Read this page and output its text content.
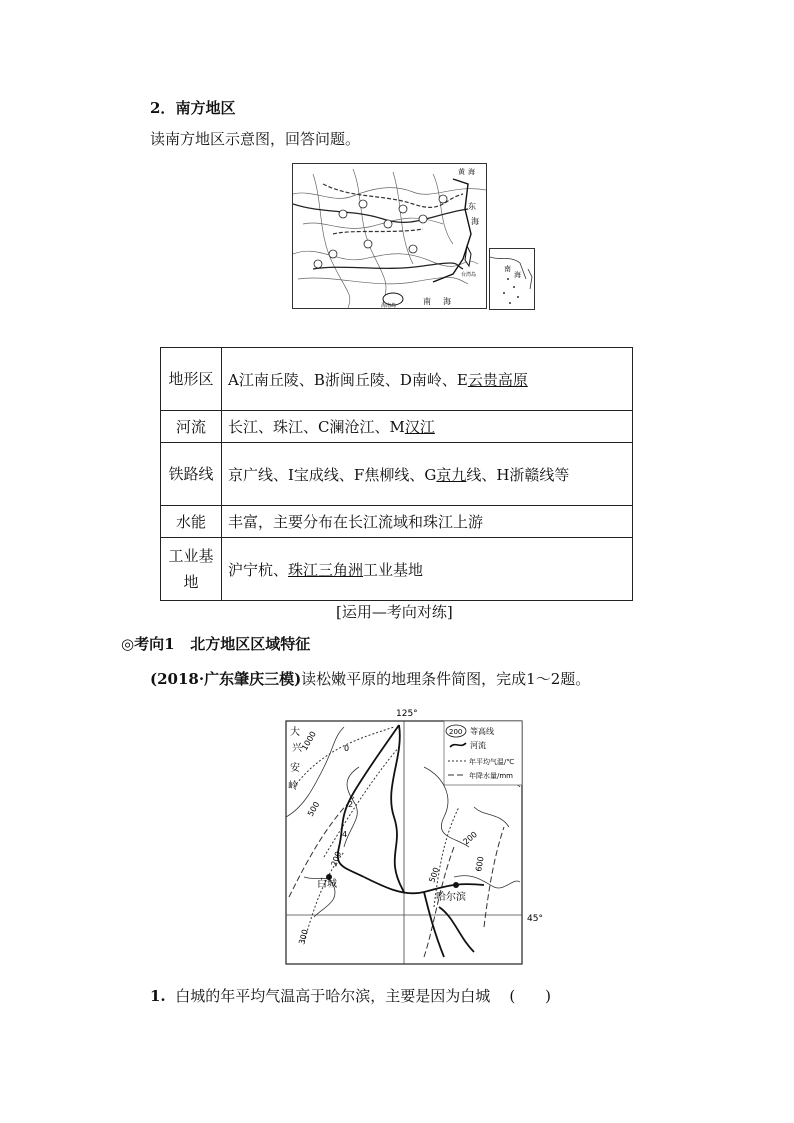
2．南方地区
读南方地区示意图，回答问题。
东
海
黄 海
南 海
海南岛
台湾岛
南
海
地形区	A江南丘陵、B浙闽丘陵、D南岭、E云贵高原
河流	长江、珠江、C澜沧江、M汉江
铁路线	京广线、Ⅰ宝成线、F焦柳线、G京九线、H浙赣线等
水能	丰富，主要分布在长江流域和珠江上游
工业基地	沪宁杭、珠江三角洲工业基地
[运用—考向对练]
◎考向1 北方地区区域特征
(2018·广东肇庆三模)读松嫩平原的地理条件简图，完成1～2题。
125°
45°
大
兴
安
岭
白城
哈尔滨
1000	0
2
4
500
200
200
500
600
300
200 等高线
河流
年平均气温/℃
年降水量/mm
1. 白城的年平均气温高于哈尔滨，主要是因为白城 (　　)
